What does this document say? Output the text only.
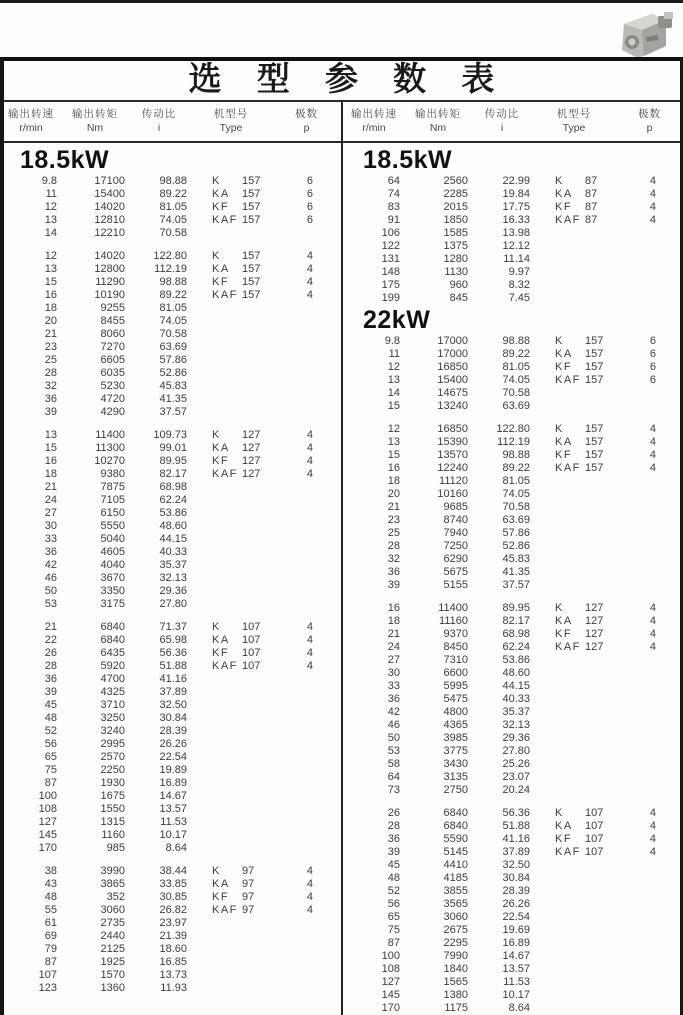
选 型 参 数 表
输出转速
r/min
输出转矩
Nm
传动比
i
机型号
Type
极数
p
18.5kW
9.8	17100	98.88	K	157	6
11	15400	89.22	KA	157	6
12	14020	81.05	KF	157	6
13	12810	74.05	KAF 157	6
14	12210	70.58
12	14020	122.80	K	157	4
13	12800	112.19	KA	157	4
15	11290	98.88	KF	157	4
16	10190	89.22	KAF 157	4
18	9255	81.05
20	8455	74.05
21	8060	70.58
23	7270	63.69
25	6605	57.86
28	6035	52.86
32	5230	45.83
36	4720	41.35
39	4290	37.57
13	11400	109.73	K	127	4
15	11300	99.01	KA	127	4
16	10270	89.95	KF	127	4
18	9380	82.17	KAF 127	4
21	7875	68.98
24	7105	62.24
27	6150	53.86
30	5550	48.60
33	5040	44.15
36	4605	40.33
42	4040	35.37
46	3670	32.13
50	3350	29.36
53	3175	27.80
21	6840	71.37	K	107	4
22	6840	65.98	KA	107	4
26	6435	56.36	KF	107	4
28	5920	51.88	KAF 107	4
36	4700	41.16
39	4325	37.89
45	3710	32.50
48	3250	30.84
52	3240	28.39
56	2995	26.26
65	2570	22.54
75	2250	19.89
87	1930	16.89
100	1675	14.67
108	1550	13.57
127	1315	11.53
145	1160	10.17
170	985	8.64
38	3990	38.44	K	97	4
43	3865	33.85	KA	97	4
48	352	30.85	KF	97	4
55	3060	26.82	KAF 97	4
61	2735	23.97
69	2440	21.39
79	2125	18.60
87	1925	16.85
107	1570	13.73
123	1360	11.93
输出转速
r/min
输出转矩
Nm
传动比
i
机型号
Type
极数
p
18.5kW
64	2560	22.99	K	87	4
74	2285	19.84	KA	87	4
83	2015	17.75	KF	87	4
91	1850	16.33	KAF 87	4
106	1585	13.98
122	1375	12.12
131	1280	11.14
148	1130	9.97
175	960	8.32
199	845	7.45
22kW
9.8	17000	98.88	K	157	6
11	17000	89.22	KA	157	6
12	16850	81.05	KF	157	6
13	15400	74.05	KAF 157	6
14	14675	70.58
15	13240	63.69
12	16850	122.80	K	157	4
13	15390	112.19	KA	157	4
15	13570	98.88	KF	157	4
16	12240	89.22	KAF 157	4
18	11120	81.05
20	10160	74.05
21	9685	70.58
23	8740	63.69
25	7940	57.86
28	7250	52.86
32	6290	45.83
36	5675	41.35
39	5155	37.57
16	11400	89.95	K	127	4
18	11160	82.17	KA	127	4
21	9370	68.98	KF	127	4
24	8450	62.24	KAF 127	4
27	7310	53.86
30	6600	48.60
33	5995	44.15
36	5475	40.33
42	4800	35.37
46	4365	32.13
50	3985	29.36
53	3775	27.80
58	3430	25.26
64	3135	23.07
73	2750	20.24
26	6840	56.36	K	107	4
28	6840	51.88	KA	107	4
36	5590	41.16	KF	107	4
39	5145	37.89	KAF 107	4
45	4410	32.50
48	4185	30.84
52	3855	28.39
56	3565	26.26
65	3060	22.54
75	2675	19.69
87	2295	16.89
100	7990	14.67
108	1840	13.57
127	1565	11.53
145	1380	10.17
170	1175	8.64
